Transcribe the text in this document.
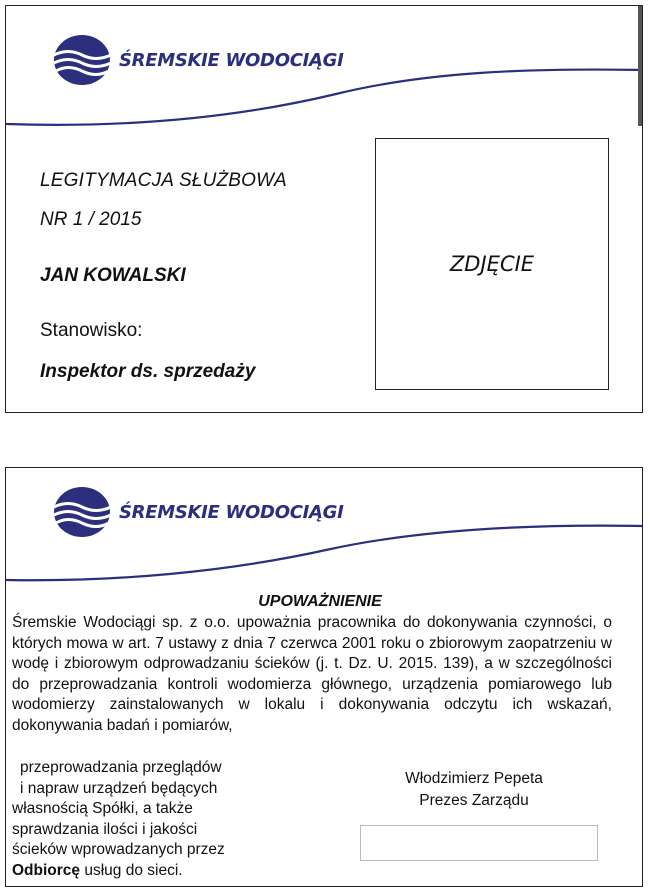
ŚREMSKIE WODOCIĄGI
LEGITYMACJA SŁUŻBOWA
NR 1 / 2015
JAN KOWALSKI
Stanowisko:
Inspektor ds. sprzedaży
ZDJĘCIE
ŚREMSKIE WODOCIĄGI
UPOWAŻNIENIE

Śremskie Wodociągi sp. z o.o. upoważnia pracownika do dokonywania czynności, o których mowa w art. 7 ustawy z dnia 7 czerwca 2001 roku o zbiorowym zaopatrzeniu w wodę i zbiorowym odprowadzaniu ścieków (j. t. Dz. U. 2015. 139), a w szczególności do przeprowadzania kontroli wodomierza głównego, urządzenia pomiarowego lub wodomierzy zainstalowanych w lokalu i dokonywania odczytu ich wskazań, dokonywania badań i pomiarów,

przeprowadzania przeglądów

i napraw urządzeń będących

własnością Spółki, a także

sprawdzania ilości i jakości

ścieków wprowadzanych przez

Odbiorcę usług do sieci.

Włodzimierz Pepeta
Prezes Zarządu
